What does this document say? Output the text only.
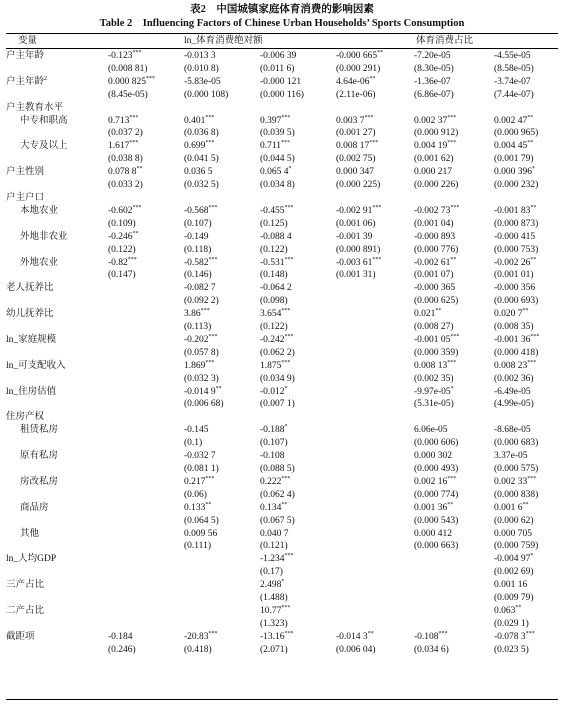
表2　中国城镇家庭体育消费的影响因素
Table 2　Influencing Factors of Chinese Urban Households’ Sports Consumption
变量	ln_体育消费绝对额	体育消费占比
户主年龄	-0.123***	-0.013 3	-0.006 39	-0.000 665**	-7.20e-05	-4.55e-05	
	(0.008 81)	(0.010 8)	(0.011 6)	(0.000 291)	(8.30e-05)	(8.58e-05)	
户主年龄$^2$	0.000 825***	-5.83e-05	-0.000 121	4.64e-06**	-1.36e-07	-3.74e-07	
	(8.45e-05)	(0.000 108)	(0.000 116)	(2.11e-06)	(6.86e-07)	(7.44e-07)	
户主教育水平							
中专和职高	0.713***	0.401***	0.397***	0.003 7***	0.002 37***	0.002 47**	
	(0.037 2)	(0.036 8)	(0.039 5)	(0.001 27)	(0.000 912)	(0.000 965)	
大专及以上	1.617***	0.699***	0.711***	0.008 17***	0.004 19***	0.004 45**	
	(0.038 8)	(0.041 5)	(0.044 5)	(0.002 75)	(0.001 62)	(0.001 79)	
户主性别	0.078 8**	0.036 5	0.065 4*	0.000 347	0.000 217	0.000 396*	
	(0.033 2)	(0.032 5)	(0.034 8)	(0.000 225)	(0.000 226)	(0.000 232)	
户主户口							
本地农业	-0.602***	-0.568***	-0.455***	-0.002 91***	-0.002 73***	-0.001 83**	
	(0.109)	(0.107)	(0.125)	(0.001 06)	(0.001 04)	(0.000 873)	
外地非农业	-0.246**	-0.149	-0.088 4	-0.001 39	-0.000 893	-0.000 415	
	(0.122)	(0.118)	(0.122)	(0.000 891)	(0.000 776)	(0.000 753)	
外地农业	-0.82***	-0.582***	-0.531***	-0.003 61***	-0.002 61**	-0.002 26**	
	(0.147)	(0.146)	(0.148)	(0.001 31)	(0.001 07)	(0.001 01)	
老人抚养比		-0.082 7	-0.064 2		-0.000 365	-0.000 356	
		(0.092 2)	(0.098)		(0.000 625)	(0.000 693)	
幼儿抚养比		3.86***	3.654***		0.021**	0.020 7**	
		(0.113)	(0.122)		(0.008 27)	(0.008 35)	
ln_家庭规模		-0.202***	-0.242***		-0.001 05***	-0.001 36***	
		(0.057 8)	(0.062 2)		(0.000 359)	(0.000 418)	
ln_可支配收入		1.869***	1.875***		0.008 13***	0.008 23***	
		(0.032 3)	(0.034 9)		(0.002 35)	(0.002 36)	
ln_住房估值		-0.014 9**	-0.012*		-9.97e-05*	-6.49e-05	
		(0.006 68)	(0.007 1)		(5.31e-05)	(4.99e-05)	
住房产权							
租赁私房		-0.145	-0.188*		6.06e-05	-8.68e-05	
		(0.1)	(0.107)		(0.000 606)	(0.000 683)	
原有私房		-0.032 7	-0.108		0.000 302	3.37e-05	
		(0.081 1)	(0.088 5)		(0.000 493)	(0.000 575)	
房改私房		0.217***	0.222***		0.002 16***	0.002 33***	
		(0.06)	(0.062 4)		(0.000 774)	(0.000 838)	
商品房		0.133**	0.134**		0.001 36**	0.001 6**	
		(0.064 5)	(0.067 5)		(0.000 543)	(0.000 62)	
其他		0.009 56	0.040 7		0.000 412	0.000 705	
		(0.111)	(0.121)		(0.000 663)	(0.000 759)	
ln_人均GDP			-1.234***			-0.004 97*	
			(0.17)			(0.002 69)	
三产占比			2.498*			0.001 16	
			(1.488)			(0.009 79)	
二产占比			10.77***			0.063**	
			(1.323)			(0.029 1)	
截距项	-0.184	-20.83***	-13.16***	-0.014 3**	-0.108***	-0.078 3***	
	(0.246)	(0.418)	(2.071)	(0.006 04)	(0.034 6)	(0.023 5)	
